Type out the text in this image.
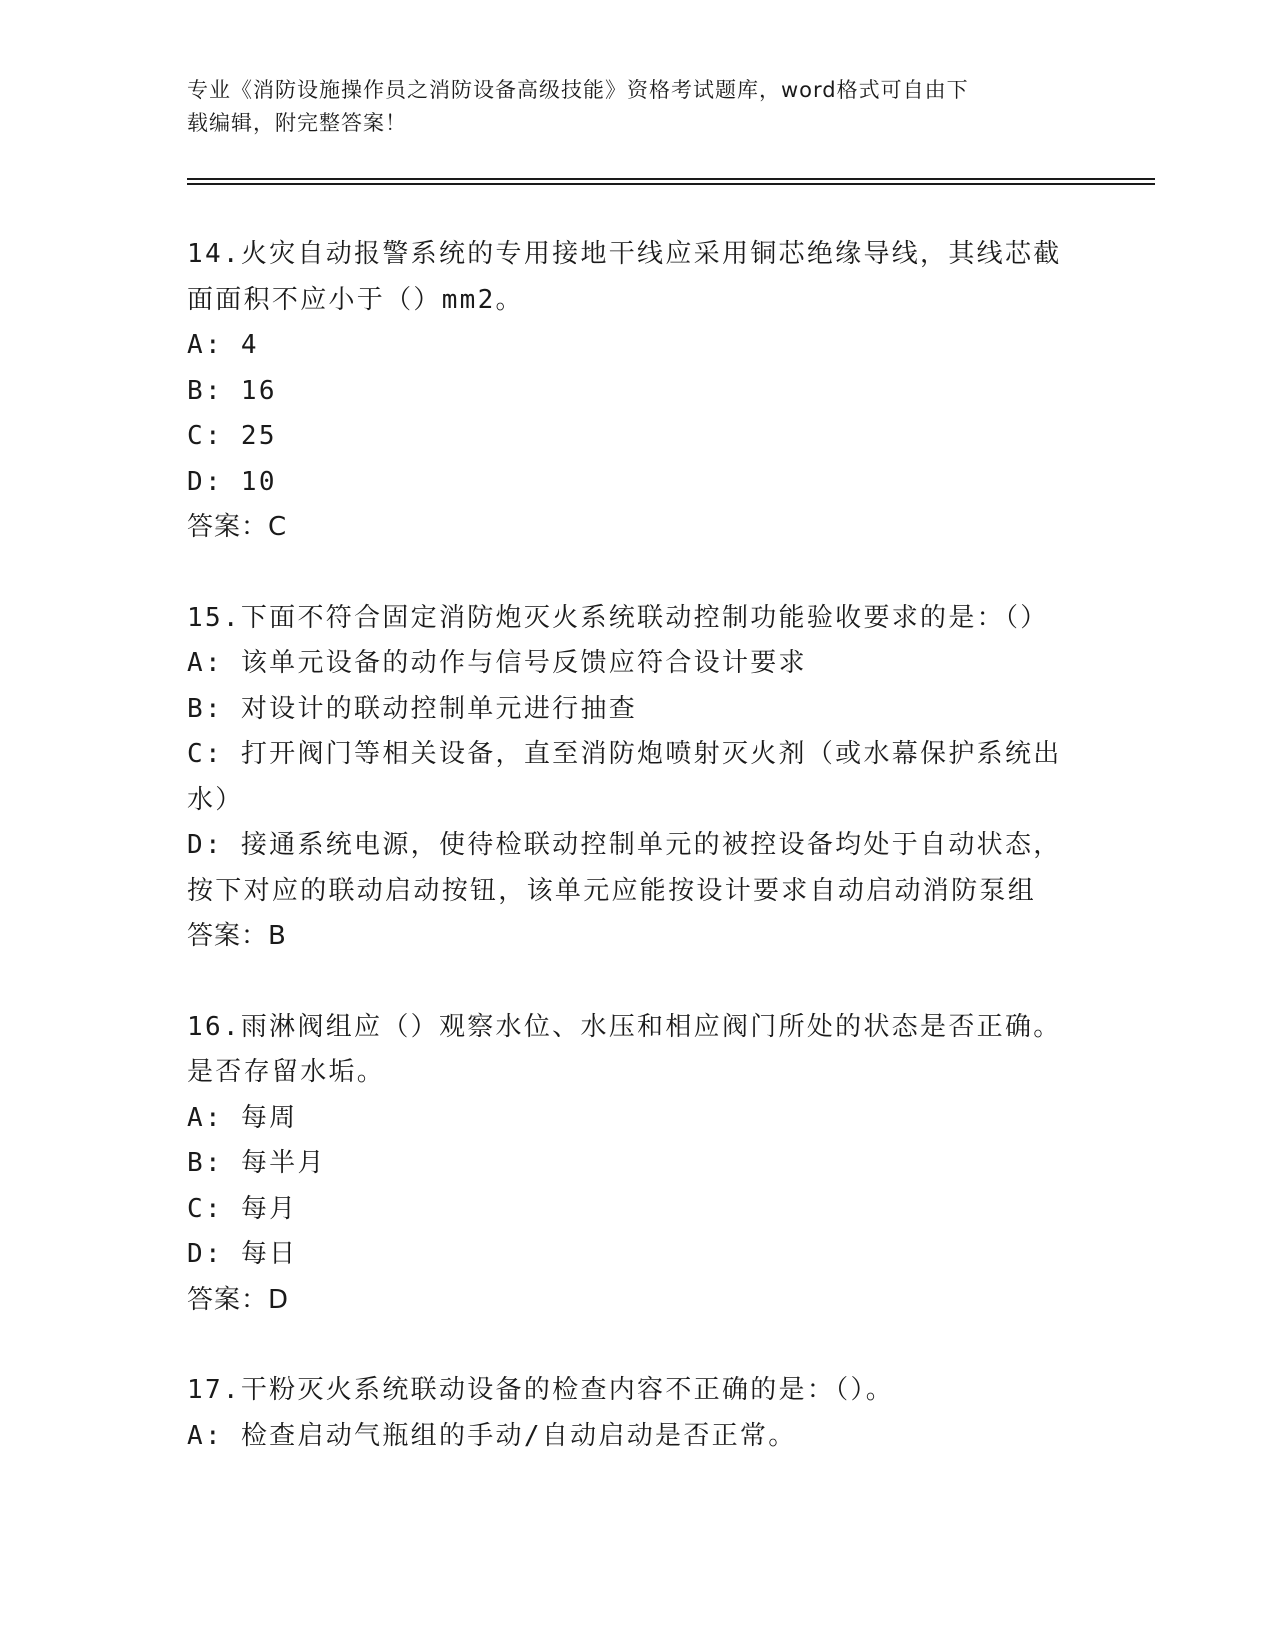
专业《消防设施操作员之消防设备高级技能》资格考试题库，word格式可自由下
载编辑，附完整答案！
14.火灾自动报警系统的专用接地干线应采用铜芯绝缘导线，其线芯截
面面积不应小于（）mm2。
A: 4
B: 16
C: 25
D: 10
答案：C
15.下面不符合固定消防炮灭火系统联动控制功能验收要求的是：（）
A: 该单元设备的动作与信号反馈应符合设计要求
B: 对设计的联动控制单元进行抽查
C: 打开阀门等相关设备，直至消防炮喷射灭火剂（或水幕保护系统出
水）
D: 接通系统电源，使待检联动控制单元的被控设备均处于自动状态，
按下对应的联动启动按钮，该单元应能按设计要求自动启动消防泵组
答案：B
16.雨淋阀组应（）观察水位、水压和相应阀门所处的状态是否正确。
是否存留水垢。
A: 每周
B: 每半月
C: 每月
D: 每日
答案：D
17.干粉灭火系统联动设备的检查内容不正确的是：（）。
A: 检查启动气瓶组的手动/自动启动是否正常。
